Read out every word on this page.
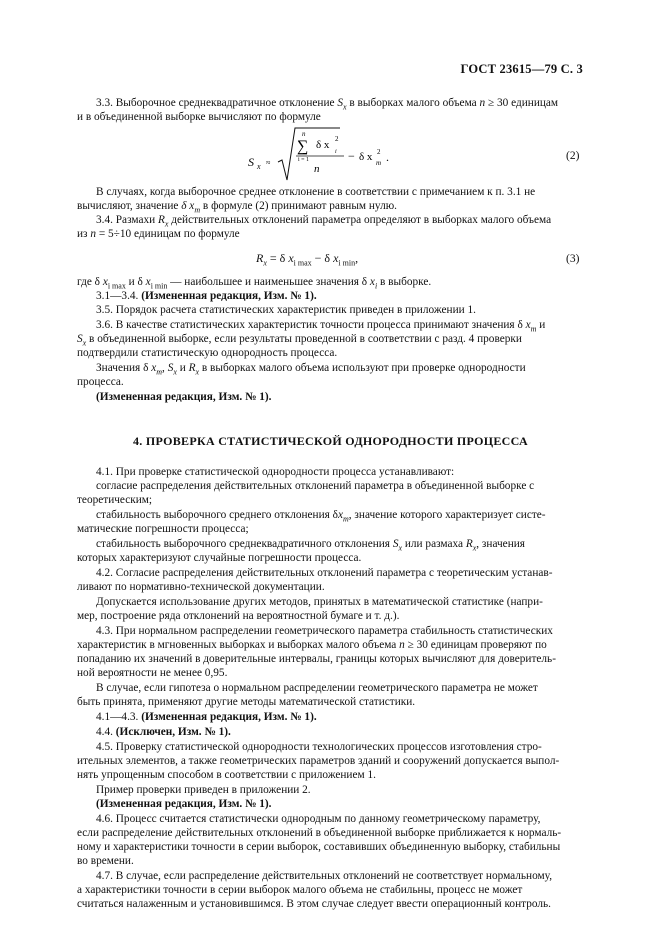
ГОСТ 23615—79 С. 3
3.3. Выборочное среднеквадратичное отклонение $S_x$ в выборках малого объема n ≥ 30 единицам
и в объединенной выборке вычисляют по формуле
S x ≈
n
∑
i = 1
δ x 2
i
n
− δ x 2
m .	(2)
В случаях, когда выборочное среднее отклонение в соответствии с примечанием к п. 3.1 не
вычисляют, значение δ $x_m$ в формуле (2) принимают равным нулю.
3.4. Размахи $R_x$ действительных отклонений параметра определяют в выборках малого объема
из n = 5÷10 единицам по формуле
$R_x = \delta$ $x_{i max} - \delta$ $x_{i min}$,	(3)
где δ $x_{i max}$ и δ $x_{i min}$ — наибольшее и наименьшее значения δ $x_i$ в выборке.
3.1—3.4. (Измененная редакция, Изм. № 1).
3.5. Порядок расчета статистических характеристик приведен в приложении 1.
3.6. В качестве статистических характеристик точности процесса принимают значения δ $x_m$ и
$S_x$ в объединенной выборке, если результаты проведенной в соответствии с разд. 4 проверки
подтвердили статистическую однородность процесса.
Значения δ $x_m$, $S_x$ и $R_x$ в выборках малого объема используют при проверке однородности
процесса.
(Измененная редакция, Изм. № 1).
4. ПРОВЕРКА СТАТИСТИЧЕСКОЙ ОДНОРОДНОСТИ ПРОЦЕССА
4.1. При проверке статистической однородности процесса устанавливают:
согласие распределения действительных отклонений параметра в объединенной выборке с
теоретическим;
стабильность выборочного среднего отклонения $\delta x_m$, значение которого характеризует систе-
матические погрешности процесса;
стабильность выборочного среднеквадратичного отклонения $S_x$ или размаха $R_x$, значения
которых характеризуют случайные погрешности процесса.
4.2. Согласие распределения действительных отклонений параметра с теоретическим устанав-
ливают по нормативно-технической документации.
Допускается использование других методов, принятых в математической статистике (напри-
мер, построение ряда отклонений на вероятностной бумаге и т. д.).
4.3. При нормальном распределении геометрического параметра стабильность статистических
характеристик в мгновенных выборках и выборках малого объема n ≥ 30 единицам проверяют по
попаданию их значений в доверительные интервалы, границы которых вычисляют для доверитель-
ной вероятности не менее 0,95.
В случае, если гипотеза о нормальном распределении геометрического параметра не может
быть принята, применяют другие методы математической статистики.
4.1—4.3. (Измененная редакция, Изм. № 1).
4.4. (Исключен, Изм. № 1).
4.5. Проверку статистической однородности технологических процессов изготовления стро-
ительных элементов, а также геометрических параметров зданий и сооружений допускается выпол-
нять упрощенным способом в соответствии с приложением 1.
Пример проверки приведен в приложении 2.
(Измененная редакция, Изм. № 1).
4.6. Процесс считается статистически однородным по данному геометрическому параметру,
если распределение действительных отклонений в объединенной выборке приближается к нормаль-
ному и характеристики точности в серии выборок, составивших объединенную выборку, стабильны
во времени.
4.7. В случае, если распределение действительных отклонений не соответствует нормальному,
а характеристики точности в серии выборок малого объема не стабильны, процесс не может
считаться налаженным и установившимся. В этом случае следует ввести операционный контроль.
